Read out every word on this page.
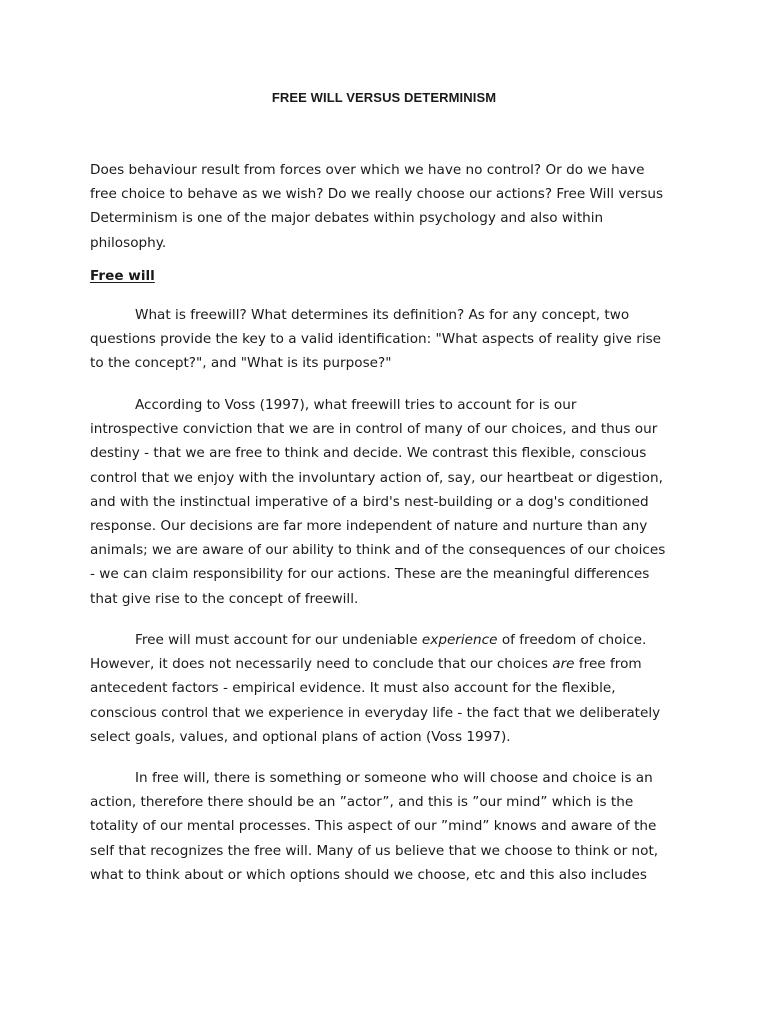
FREE WILL VERSUS DETERMINISM
Does behaviour result from forces over which we have no control? Or do we have
free choice to behave as we wish? Do we really choose our actions? Free Will versus
Determinism is one of the major debates within psychology and also within
philosophy.
Free will
What is freewill? What determines its definition? As for any concept, two
questions provide the key to a valid identification: "What aspects of reality give rise
to the concept?", and "What is its purpose?"
According to Voss (1997), what freewill tries to account for is our
introspective conviction that we are in control of many of our choices, and thus our
destiny - that we are free to think and decide. We contrast this flexible, conscious
control that we enjoy with the involuntary action of, say, our heartbeat or digestion,
and with the instinctual imperative of a bird's nest-building or a dog's conditioned
response. Our decisions are far more independent of nature and nurture than any
animals; we are aware of our ability to think and of the consequences of our choices
- we can claim responsibility for our actions. These are the meaningful differences
that give rise to the concept of freewill.
Free will must account for our undeniable experience of freedom of choice.
However, it does not necessarily need to conclude that our choices are free from
antecedent factors - empirical evidence. It must also account for the flexible,
conscious control that we experience in everyday life - the fact that we deliberately
select goals, values, and optional plans of action (Voss 1997).
In free will, there is something or someone who will choose and choice is an
action, therefore there should be an ”actor”, and this is ”our mind” which is the
totality of our mental processes. This aspect of our ”mind” knows and aware of the
self that recognizes the free will. Many of us believe that we choose to think or not,
what to think about or which options should we choose, etc and this also includes
